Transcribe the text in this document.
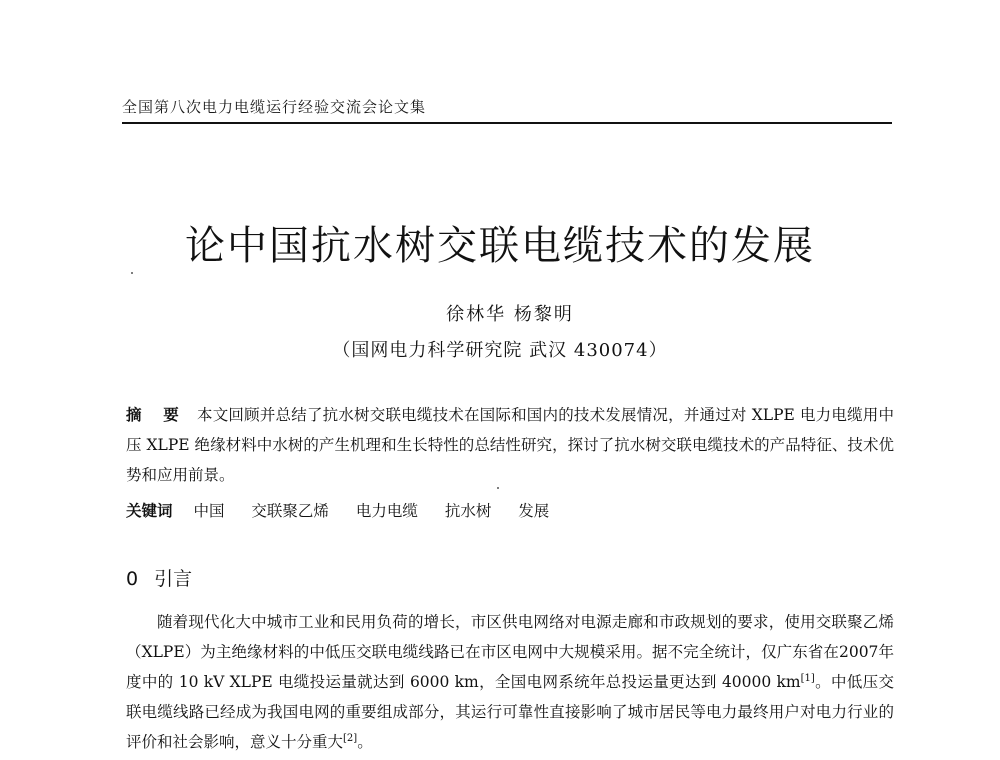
全国第八次电力电缆运行经验交流会论文集
论中国抗水树交联电缆技术的发展
徐林华 杨黎明
（国网电力科学研究院 武汉 430074）
摘 要 本文回顾并总结了抗水树交联电缆技术在国际和国内的技术发展情况，并通过对 XLPE 电力电缆用中压 XLPE 绝缘材料中水树的产生机理和生长特性的总结性研究，探讨了抗水树交联电缆技术的产品特征、技术优势和应用前景。
关键词 中国 交联聚乙烯 电力电缆 抗水树 发展
0 引言
随着现代化大中城市工业和民用负荷的增长，市区供电网络对电源走廊和市政规划的要求，使用交联聚乙烯（XLPE）为主绝缘材料的中低压交联电缆线路已在市区电网中大规模采用。据不完全统计，仅广东省在2007年度中的 10 kV XLPE 电缆投运量就达到 6000 km，全国电网系统年总投运量更达到 40000 km[1]。中低压交联电缆线路已经成为我国电网的重要组成部分，其运行可靠性直接影响了城市居民等电力最终用户对电力行业的评价和社会影响，意义十分重大[2]。
